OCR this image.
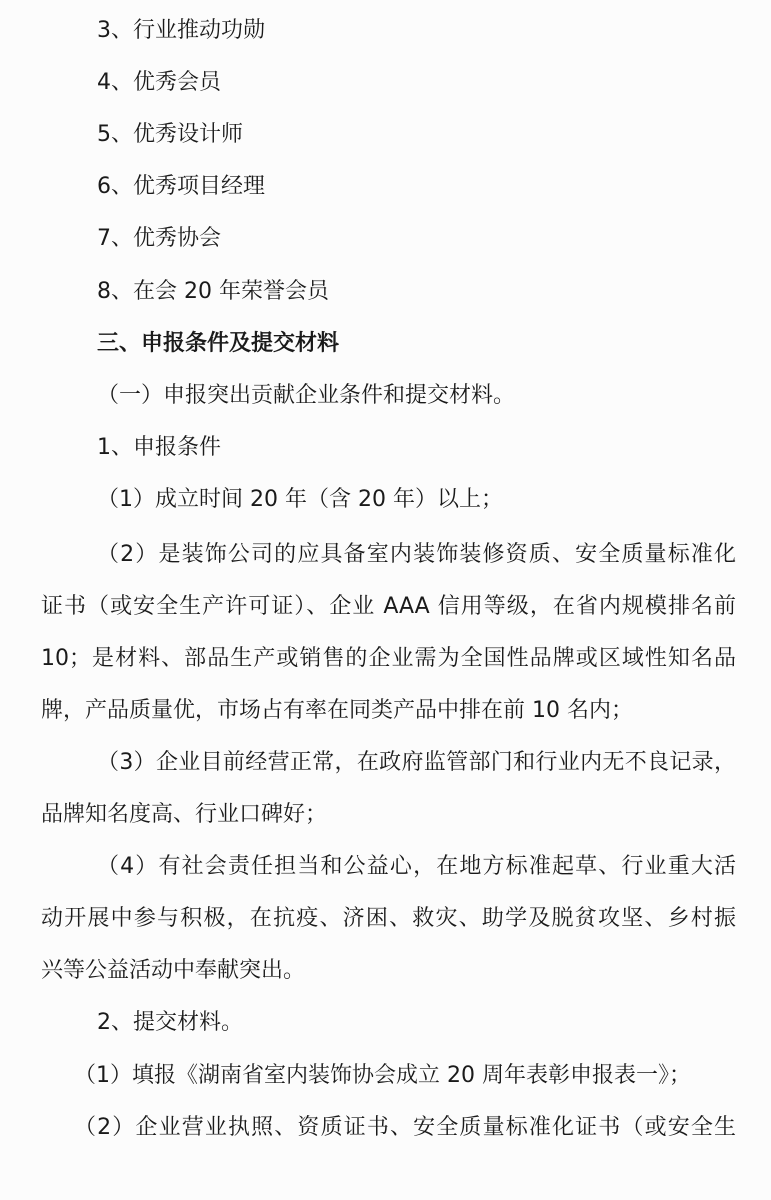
3、行业推动功勋

4、优秀会员

5、优秀设计师

6、优秀项目经理

7、优秀协会

8、在会 20 年荣誉会员

三、申报条件及提交材料

（一）申报突出贡献企业条件和提交材料。

1、申报条件

（1）成立时间 20 年（含 20 年）以上；

（2）是装饰公司的应具备室内装饰装修资质、安全质量标准化

证书（或安全生产许可证）、企业 AAA 信用等级，在省内规模排名前

10；是材料、部品生产或销售的企业需为全国性品牌或区域性知名品

牌，产品质量优，市场占有率在同类产品中排在前 10 名内；

（3）企业目前经营正常，在政府监管部门和行业内无不良记录，

品牌知名度高、行业口碑好；

（4）有社会责任担当和公益心，在地方标准起草、行业重大活

动开展中参与积极，在抗疫、济困、救灾、助学及脱贫攻坚、乡村振

兴等公益活动中奉献突出。

2、提交材料。

（1）填报《湖南省室内装饰协会成立 20 周年表彰申报表一》；

（2）企业营业执照、资质证书、安全质量标准化证书（或安全生
